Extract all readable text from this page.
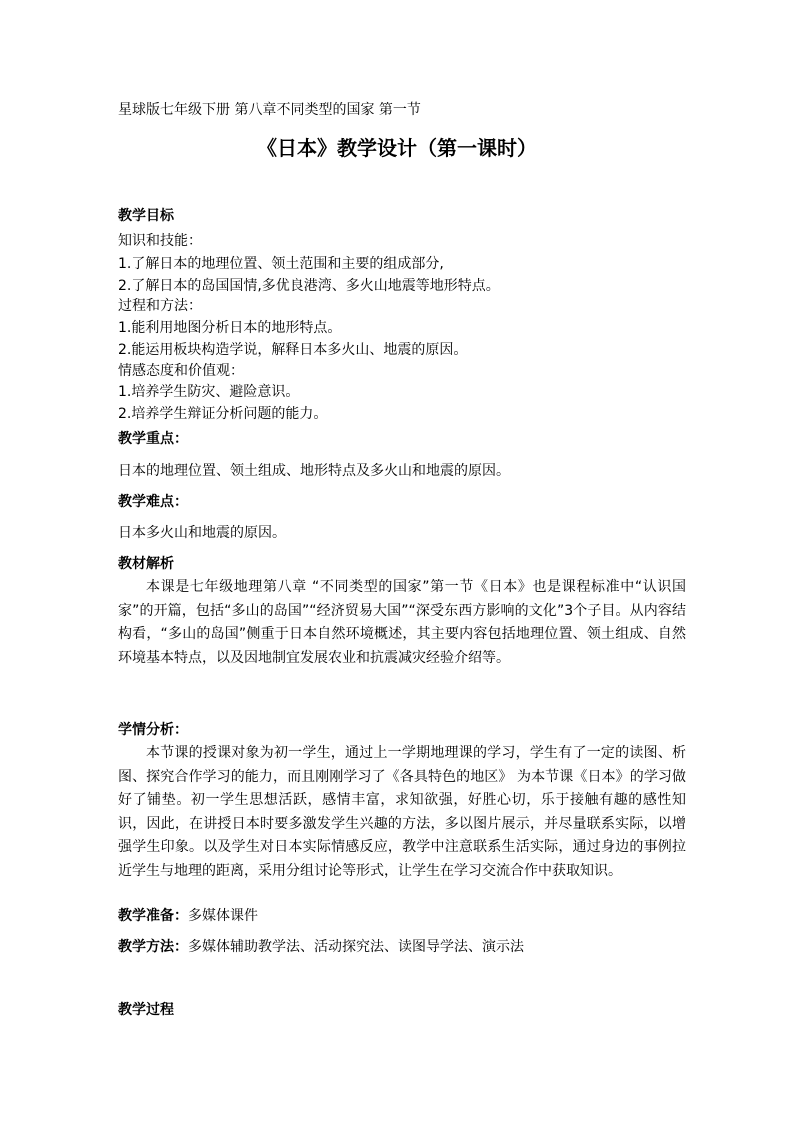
星球版七年级下册 第八章不同类型的国家 第一节
《日本》教学设计（第一课时）
教学目标
知识和技能：
1.了解日本的地理位置、领土范围和主要的组成部分,
2.了解日本的岛国国情,多优良港湾、多火山地震等地形特点。
过程和方法：
1.能利用地图分析日本的地形特点。
2.能运用板块构造学说，解释日本多火山、地震的原因。
情感态度和价值观：
1.培养学生防灾、避险意识。
2.培养学生辩证分析问题的能力。
教学重点：
日本的地理位置、领土组成、地形特点及多火山和地震的原因。
教学难点：
日本多火山和地震的原因。
教材解析

本课是七年级地理第八章 “不同类型的国家”第一节《日本》也是课程标准中“认识国家”的开篇，包括“多山的岛国”“经济贸易大国”“深受东西方影响的文化”3个子目。从内容结构看，“多山的岛国”侧重于日本自然环境概述，其主要内容包括地理位置、领土组成、自然环境基本特点，以及因地制宜发展农业和抗震减灾经验介绍等。

学情分析：

本节课的授课对象为初一学生，通过上一学期地理课的学习，学生有了一定的读图、析图、探究合作学习的能力，而且刚刚学习了《各具特色的地区》 为本节课《日本》的学习做好了铺垫。初一学生思想活跃，感情丰富，求知欲强，好胜心切，乐于接触有趣的感性知识，因此，在讲授日本时要多激发学生兴趣的方法，多以图片展示，并尽量联系实际，以增强学生印象。以及学生对日本实际情感反应，教学中注意联系生活实际，通过身边的事例拉近学生与地理的距离，采用分组讨论等形式，让学生在学习交流合作中获取知识。

教学准备：多媒体课件
教学方法：多媒体辅助教学法、活动探究法、读图导学法、演示法
教学过程
